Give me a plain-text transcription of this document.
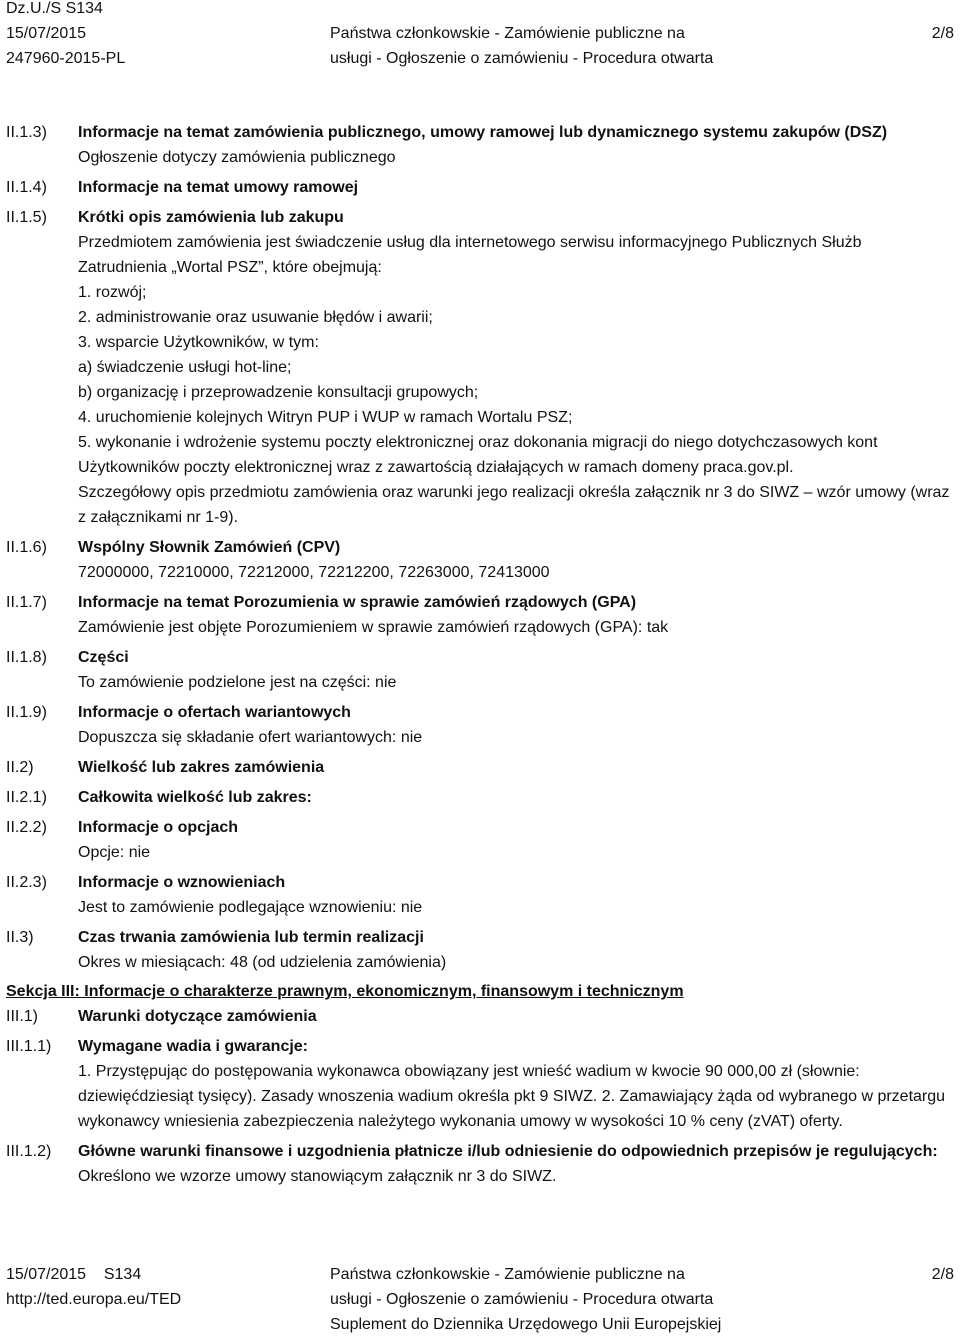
Dz.U./S S134
15/07/2015
247960-2015-PL
Państwa członkowskie - Zamówienie publiczne na
usługi - Ogłoszenie o zamówieniu - Procedura otwarta
2/8
II.1.3)	Informacje na temat zamówienia publicznego, umowy ramowej lub dynamicznego systemu zakupów (DSZ)

Ogłoszenie dotyczy zamówienia publicznego

II.1.4)	Informacje na temat umowy ramowej

II.1.5)	Krótki opis zamówienia lub zakupu

Przedmiotem zamówienia jest świadczenie usług dla internetowego serwisu informacyjnego Publicznych Służb Zatrudnienia „Wortal PSZ”, które obejmują:

1. rozwój;

2. administrowanie oraz usuwanie błędów i awarii;

3. wsparcie Użytkowników, w tym:

a) świadczenie usługi hot-line;

b) organizację i przeprowadzenie konsultacji grupowych;

4. uruchomienie kolejnych Witryn PUP i WUP w ramach Wortalu PSZ;

5. wykonanie i wdrożenie systemu poczty elektronicznej oraz dokonania migracji do niego dotychczasowych kont Użytkowników poczty elektronicznej wraz z zawartością działających w ramach domeny praca.gov.pl.

Szczegółowy opis przedmiotu zamówienia oraz warunki jego realizacji określa załącznik nr 3 do SIWZ – wzór umowy (wraz z załącznikami nr 1-9).

II.1.6)	Wspólny Słownik Zamówień (CPV)

72000000, 72210000, 72212000, 72212200, 72263000, 72413000

II.1.7)	Informacje na temat Porozumienia w sprawie zamówień rządowych (GPA)

Zamówienie jest objęte Porozumieniem w sprawie zamówień rządowych (GPA): tak

II.1.8)	Części

To zamówienie podzielone jest na części: nie

II.1.9)	Informacje o ofertach wariantowych

Dopuszcza się składanie ofert wariantowych: nie

II.2)	Wielkość lub zakres zamówienia

II.2.1)	Całkowita wielkość lub zakres:

II.2.2)	Informacje o opcjach

Opcje: nie

II.2.3)	Informacje o wznowieniach

Jest to zamówienie podlegające wznowieniu: nie

II.3)	Czas trwania zamówienia lub termin realizacji

Okres w miesiącach: 48 (od udzielenia zamówienia)

Sekcja III: Informacje o charakterze prawnym, ekonomicznym, finansowym i technicznym
III.1)	Warunki dotyczące zamówienia

III.1.1)	Wymagane wadia i gwarancje:

1. Przystępując do postępowania wykonawca obowiązany jest wnieść wadium w kwocie 90 000,00 zł (słownie: dziewięćdziesiąt tysięcy). Zasady wnoszenia wadium określa pkt 9 SIWZ. 2. Zamawiający żąda od wybranego w przetargu wykonawcy wniesienia zabezpieczenia należytego wykonania umowy w wysokości 10 % ceny (zVAT) oferty.

III.1.2)	Główne warunki finansowe i uzgodnienia płatnicze i/lub odniesienie do odpowiednich przepisów je regulujących:

Określono we wzorze umowy stanowiącym załącznik nr 3 do SIWZ.

15/07/2015    S134
http://ted.europa.eu/TED
Państwa członkowskie - Zamówienie publiczne na
usługi - Ogłoszenie o zamówieniu - Procedura otwarta
Suplement do Dziennika Urzędowego Unii Europejskiej
2/8
